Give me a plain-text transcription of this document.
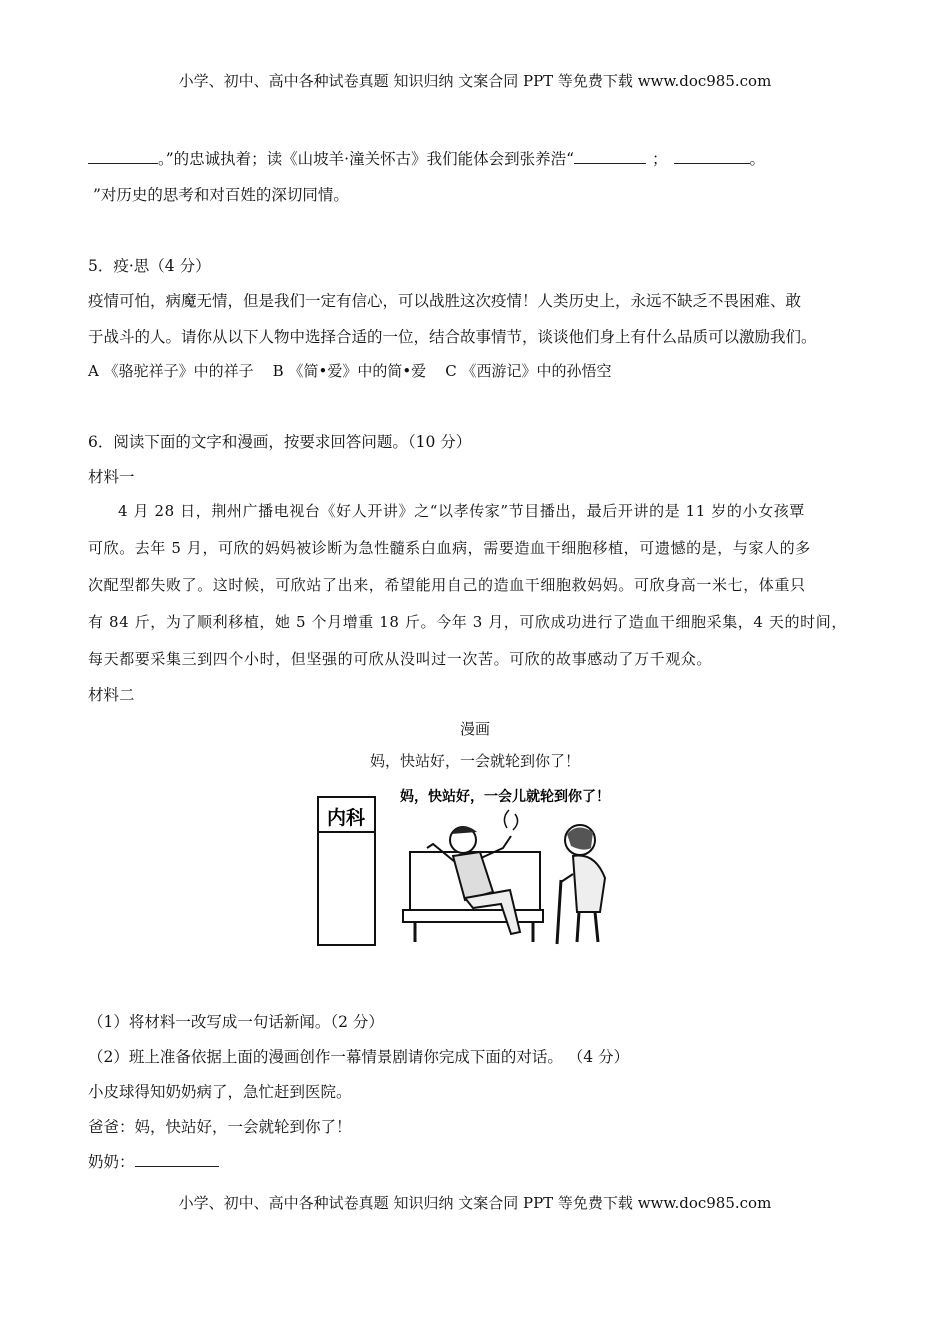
小学、初中、高中各种试卷真题 知识归纳 文案合同 PPT 等免费下载 www.doc985.com
。”的忠诚执着；读《山坡羊·潼关怀古》我们能体会到张养浩“	；	。
”对历史的思考和对百姓的深切同情。
5．疫·思（4 分）
疫情可怕，病魔无情，但是我们一定有信心，可以战胜这次疫情！人类历史上，永远不缺乏不畏困难、敢
于战斗的人。请你从以下人物中选择合适的一位，结合故事情节，谈谈他们身上有什么品质可以激励我们。
A 《骆驼祥子》中的祥子    B 《简•爱》中的简•爱    C 《西游记》中的孙悟空
6．阅读下面的文字和漫画，按要求回答问题。（10 分）
材料一
4 月 28 日，荆州广播电视台《好人开讲》之“以孝传家”节目播出，最后开讲的是 11 岁的小女孩覃
可欣。去年 5 月，可欣的妈妈被诊断为急性髓系白血病，需要造血干细胞移植，可遗憾的是，与家人的多
次配型都失败了。这时候，可欣站了出来，希望能用自己的造血干细胞救妈妈。可欣身高一米七，体重只
有 84 斤，为了顺利移植，她 5 个月增重 18 斤。今年 3 月，可欣成功进行了造血干细胞采集，4 天的时间，
每天都要采集三到四个小时，但坚强的可欣从没叫过一次苦。可欣的故事感动了万千观众。
材料二
漫画
妈，快站好，一会就轮到你了！
内科
妈，快站好，一会儿就轮到你了！
（1）将材料一改写成一句话新闻。（2 分）
（2）班上准备依据上面的漫画创作一幕情景剧请你完成下面的对话。 （4 分）
小皮球得知奶奶病了，急忙赶到医院。
爸爸：妈，快站好，一会就轮到你了！
奶奶：
小学、初中、高中各种试卷真题 知识归纳 文案合同 PPT 等免费下载 www.doc985.com
